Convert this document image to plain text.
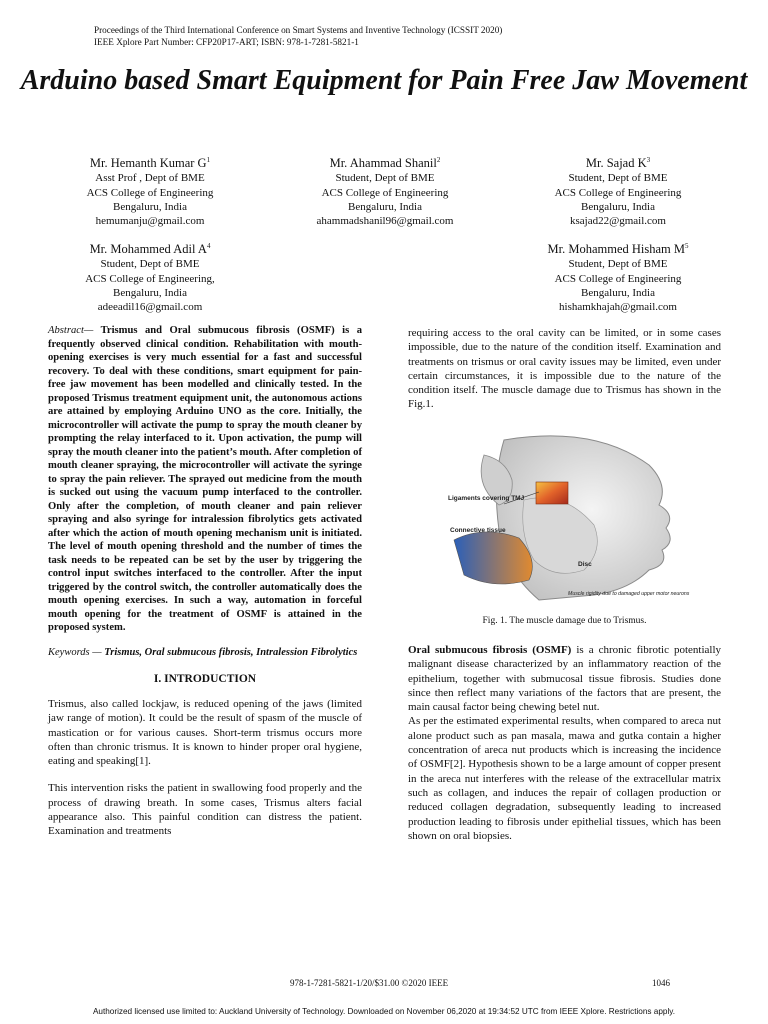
Proceedings of the Third International Conference on Smart Systems and Inventive Technology (ICSSIT 2020)
IEEE Xplore Part Number: CFP20P17-ART; ISBN: 978-1-7281-5821-1
Arduino based Smart Equipment for Pain Free Jaw Movement
Mr. Hemanth Kumar $G^1$
Asst Prof , Dept of BME
ACS College of Engineering
Bengaluru, India
hemumanju@gmail.com
Mr. Ahammad Shanil$^2$
Student, Dept of BME
ACS College of Engineering
Bengaluru, India
ahammadshanil96@gmail.com
Mr. Sajad $K^3$
Student, Dept of BME
ACS College of Engineering
Bengaluru, India
ksajad22@gmail.com
Mr. Mohammed Adil $A^4$
Student, Dept of BME
ACS College of Engineering,
Bengaluru, India
adeeadil16@gmail.com
Mr. Mohammed Hisham $M^5$
Student, Dept of BME
ACS College of Engineering
Bengaluru, India
hishamkhajah@gmail.com
Abstract— Trismus and Oral submucous fibrosis (OSMF) is a frequently observed clinical condition. Rehabilitation with mouth-opening exercises is very much essential for a fast and successful recovery. To deal with these conditions, smart equipment for pain-free jaw movement has been modelled and clinically tested. In the proposed Trismus treatment equipment unit, the autonomous actions are attained by employing Arduino UNO as the core. Initially, the microcontroller will activate the pump to spray the mouth cleaner by prompting the relay interfaced to it. Upon activation, the pump will spray the mouth cleaner into the patient’s mouth. After completion of mouth cleaner spraying, the microcontroller will activate the syringe to spray the pain reliever. The sprayed out medicine from the mouth is sucked out using the vacuum pump interfaced to the controller. Only after the completion, of mouth cleaner and pain reliever spraying and also syringe for intralession fibrolytics gets activated after which the action of mouth opening mechanism unit is initiated. The level of mouth opening threshold and the number of times the task needs to be repeated can be set by the user by triggering the control input switches interfaced to the controller. After the input triggered by the control switch, the controller automatically does the mouth opening exercises. In such a way, automation in forceful mouth opening for the treatment of OSMF is attained in the proposed system.
Keywords — Trismus, Oral submucous fibrosis, Intralession Fibrolytics
I. INTRODUCTION

Trismus, also called lockjaw, is reduced opening of the jaws (limited jaw range of motion). It could be the result of spasm of the muscle of mastication or for various causes. Short-term trismus occurs more often than chronic trismus. It is known to hinder proper oral hygiene, eating and speaking[1].

This intervention risks the patient in swallowing food properly and the process of drawing breath. In some cases, Trismus alters facial appearance also. This painful condition can distress the patient. Examination and treatments

requiring access to the oral cavity can be limited, or in some cases impossible, due to the nature of the condition itself. Examination and treatments on trismus or oral cavity issues may be limited, even under certain circumstances, it is impossible due to the nature of the condition itself. The muscle damage due to Trismus has shown in the Fig.1.

Ligaments covering TMJ
Connective tissue
Disc
Muscle rigidity due to damaged upper motor neurons
Fig. 1. The muscle damage due to Trismus.

Oral submucous fibrosis (OSMF) is a chronic fibrotic potentially malignant disease characterized by an inflammatory reaction of the epithelium, together with submucosal tissue fibrosis. Studies done since then reflect many variations of the factors that are present, the main causal factor being chewing betel nut.

As per the estimated experimental results, when compared to areca nut alone product such as pan masala, mawa and gutka contain a higher concentration of areca nut products which is increasing the incidence of OSMF[2]. Hypothesis shown to be a large amount of copper present in the areca nut interferes with the release of the extracellular matrix such as collagen, and induces the repair of collagen production or reduced collagen degradation, subsequently leading to increased production leading to fibrosis under epithelial tissues, which has been shown on oral biopsies.

978-1-7281-5821-1/20/$31.00 ©2020 IEEE	1046
Authorized licensed use limited to: Auckland University of Technology. Downloaded on November 06,2020 at 19:34:52 UTC from IEEE Xplore. Restrictions apply.
